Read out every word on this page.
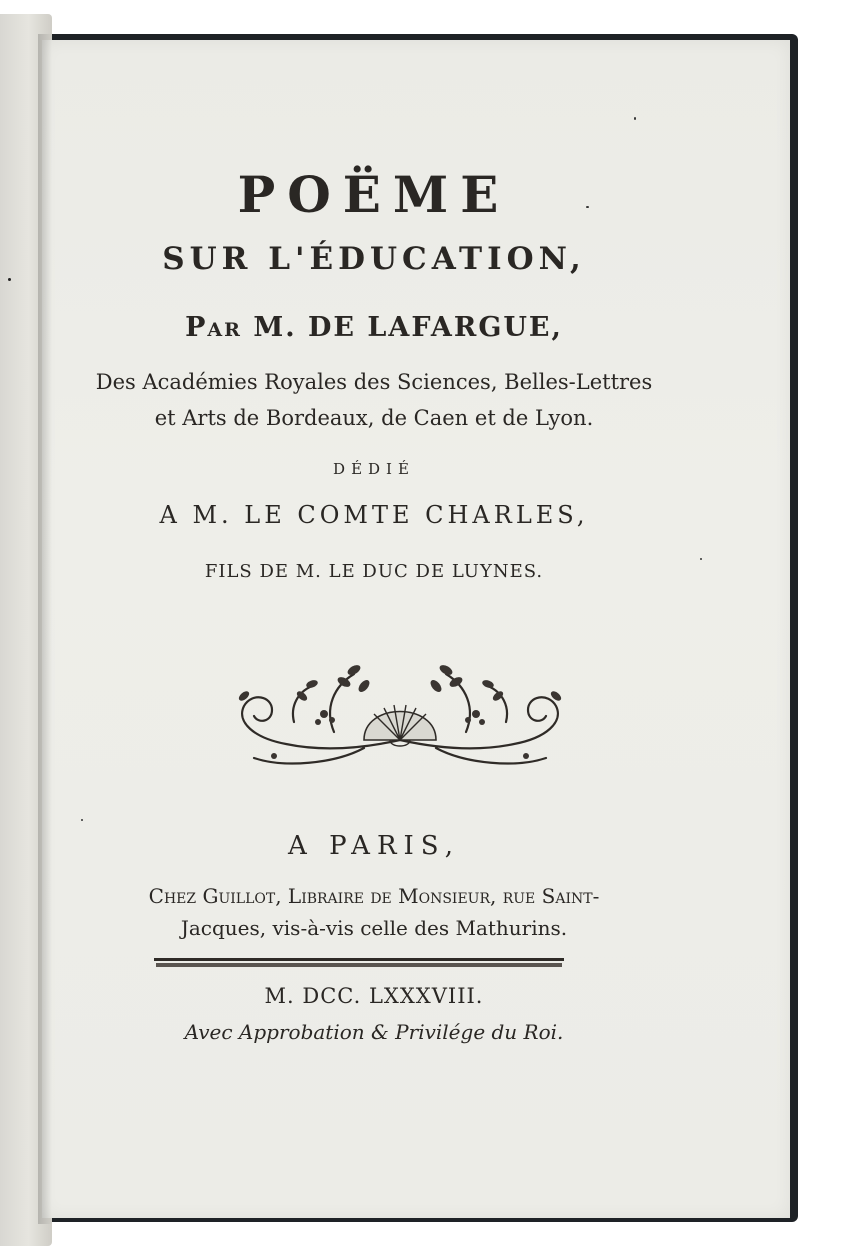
POËME
SUR L'ÉDUCATION,
Par M. DE LAFARGUE,
Des Académies Royales des Sciences, Belles-Lettres
et Arts de Bordeaux, de Caen et de Lyon.
DÉDIÉ
A M. LE COMTE CHARLES,
FILS DE M. LE DUC DE LUYNES.
A PARIS,
Chez Guillot, Libraire de Monsieur, rue Saint-
Jacques, vis-à-vis celle des Mathurins.
M. DCC. LXXXVIII.
Avec Approbation & Privilége du Roi.
